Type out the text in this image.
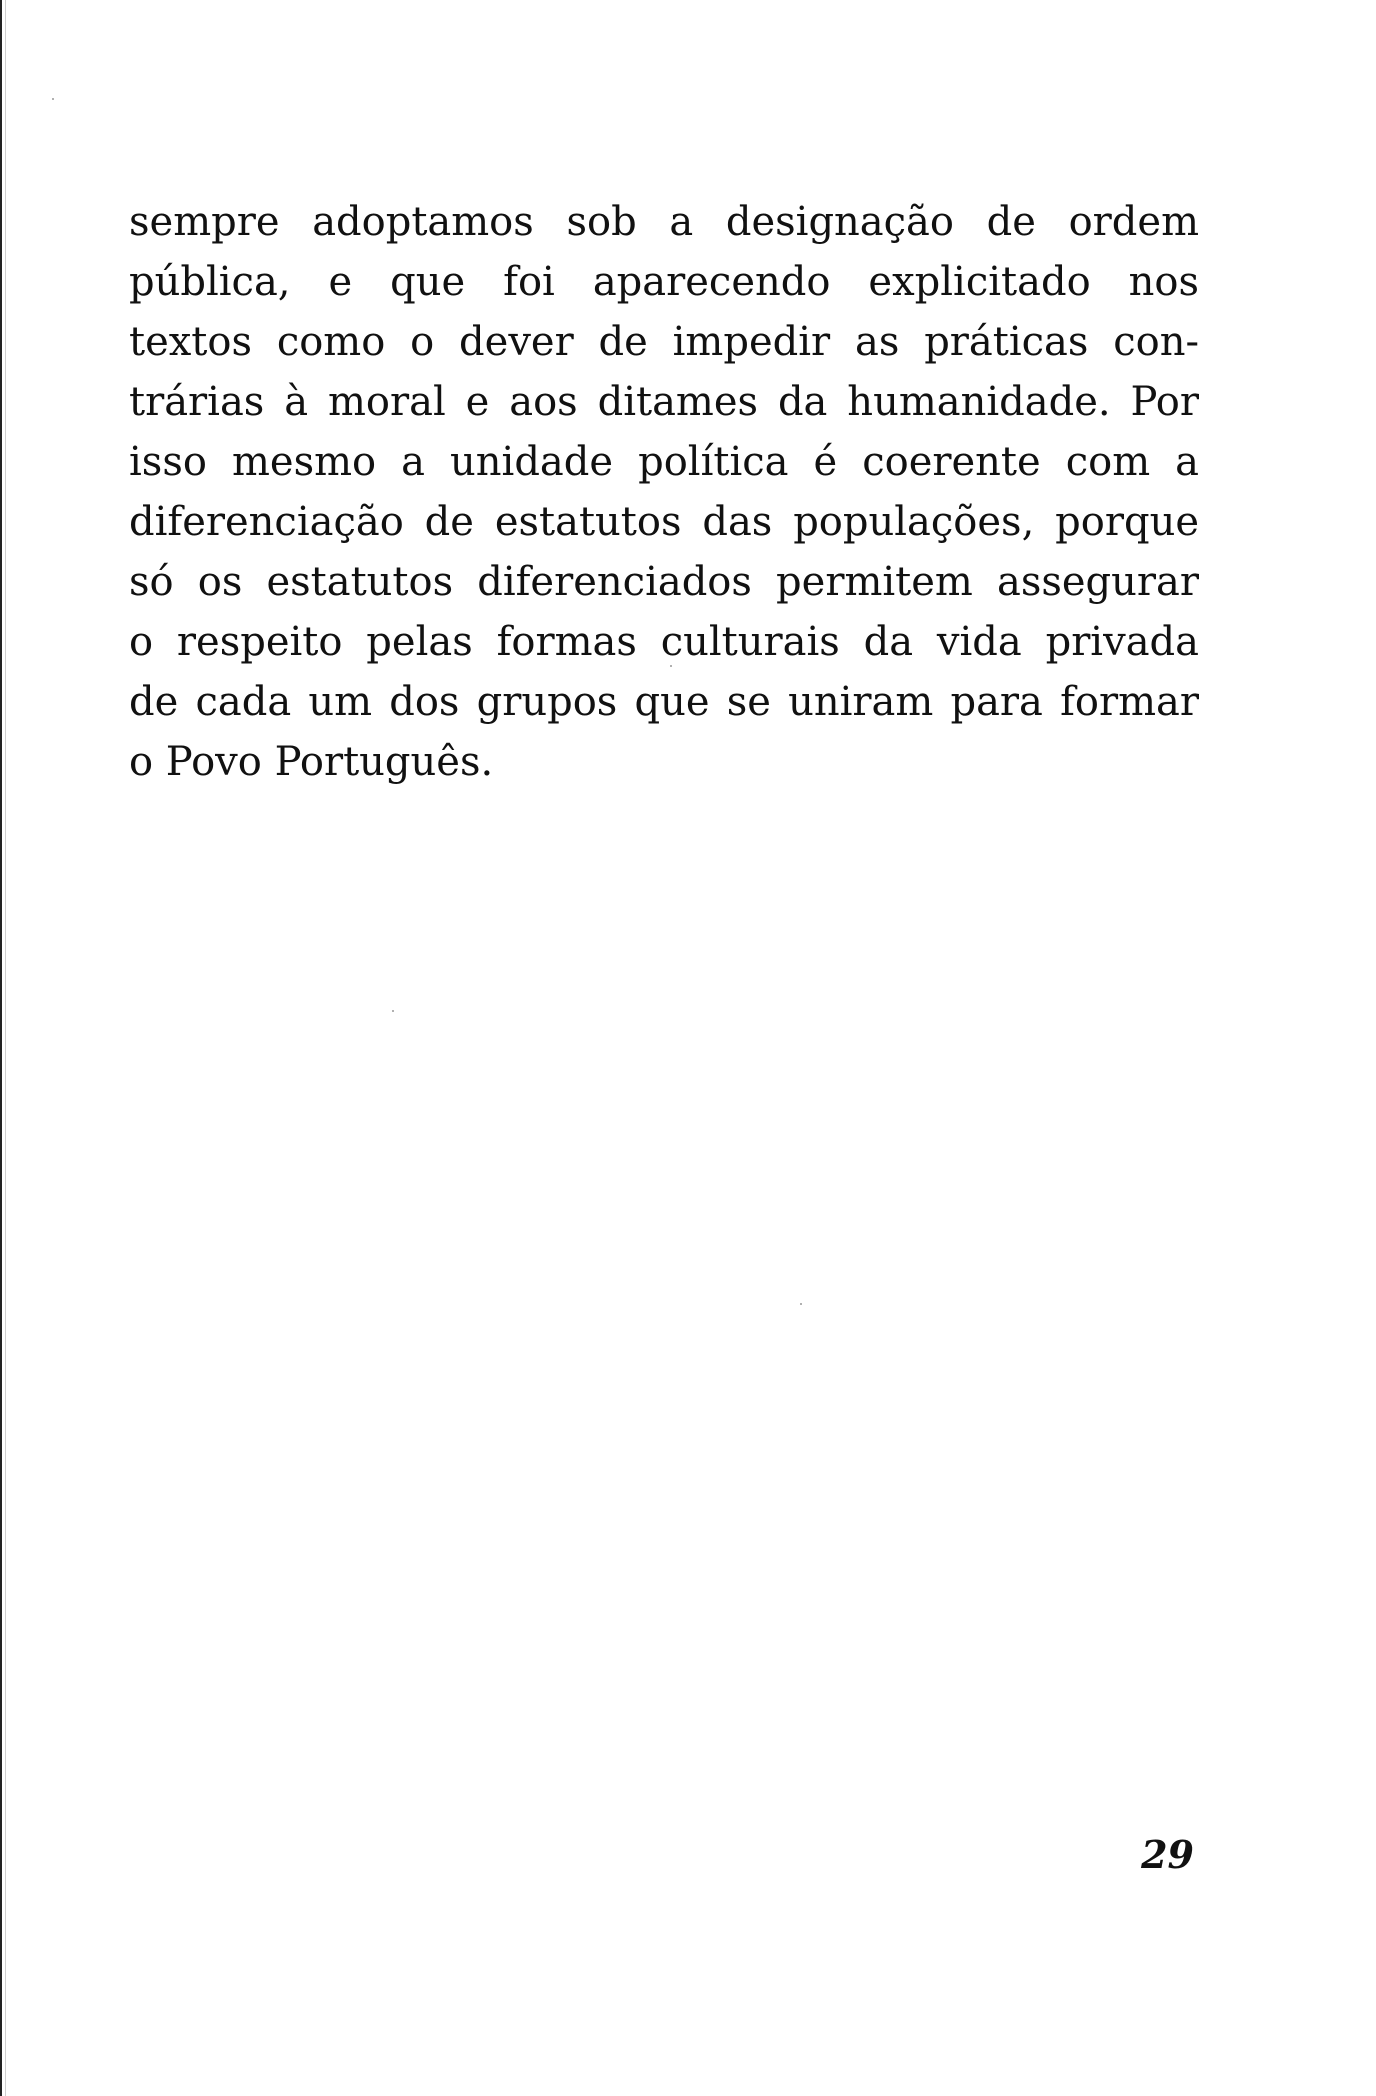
sempre adoptamos sob a designação de ordem
pública, e que foi aparecendo explicitado nos
textos como o dever de impedir as práticas con-
trárias à moral e aos ditames da humanidade. Por
isso mesmo a unidade política é coerente com a
diferenciação de estatutos das populações, porque
só os estatutos diferenciados permitem assegurar
o respeito pelas formas culturais da vida privada
de cada um dos grupos que se uniram para formar
o Povo Português.
29
